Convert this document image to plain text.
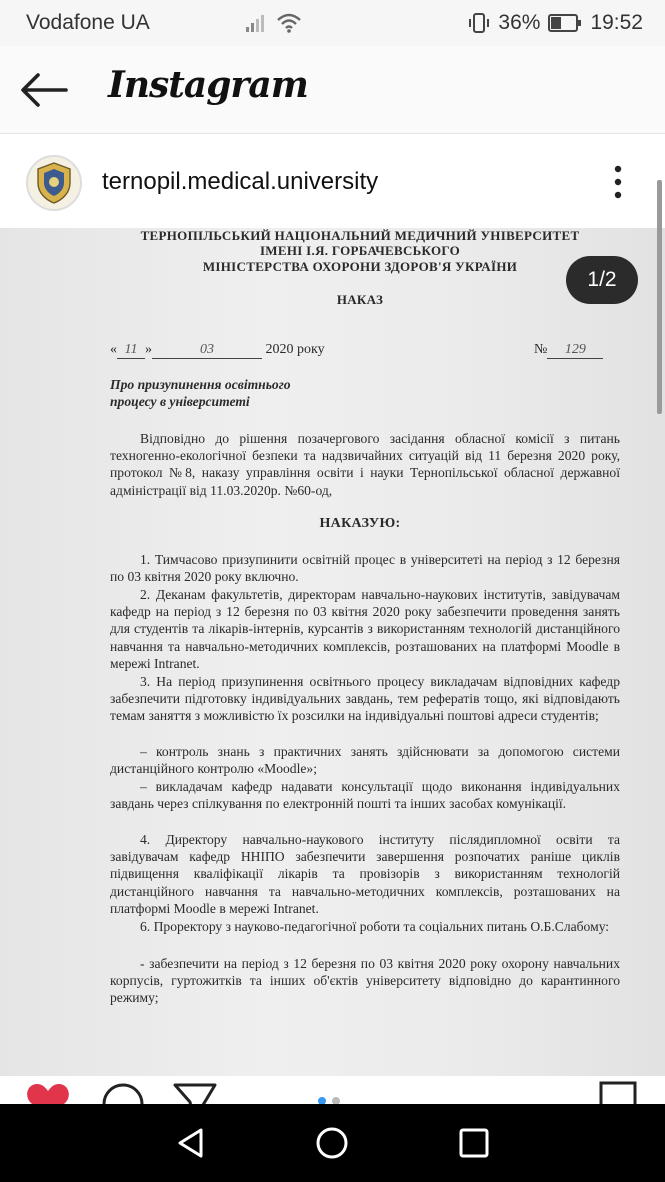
Vodafone UA	36% 19:52
Instagram
ternopil.medical.university
ТЕРНОПІЛЬСЬКИЙ НАЦІОНАЛЬНИЙ МЕДИЧНИЙ УНІВЕРСИТЕТ
ІМЕНІ І.Я. ГОРБАЧЕВСЬКОГО
МІНІСТЕРСТВА ОХОРОНИ ЗДОРОВ'Я УКРАЇНИ
НАКАЗ
« 11 »	03	2020 року	№ 129
Про призупинення освітнього
процесу в університеті
Відповідно до рішення позачергового засідання обласної комісії з питань техногенно-екологічної безпеки та надзвичайних ситуацій від 11 березня 2020 року, протокол №8, наказу управління освіти і науки Тернопільської обласної державної адміністрації від 11.03.2020р. №60-од,
НАКАЗУЮ:
1. Тимчасово призупинити освітній процес в університеті на період з 12 березня по 03 квітня 2020 року включно.
2. Деканам факультетів, директорам навчально-наукових інститутів, завідувачам кафедр на період з 12 березня по 03 квітня 2020 року забезпечити проведення занять для студентів та лікарів-інтернів, курсантів з використанням технологій дистанційного навчання та навчально-методичних комплексів, розташованих на платформі Moodle в мережі Intranet.
3. На період призупинення освітнього процесу викладачам відповідних кафедр забезпечити підготовку індивідуальних завдань, тем рефератів тощо, які відповідають темам заняття з можливістю їх розсилки на індивідуальні поштові адреси студентів;
– контроль знань з практичних занять здійснювати за допомогою системи дистанційного контролю «Moodle»;
– викладачам кафедр надавати консультації щодо виконання індивідуальних завдань через спілкування по електронній пошті та інших засобах комунікації.
4. Директору навчально-наукового інституту післядипломної освіти та завідувачам кафедр ННІПО забезпечити завершення розпочатих раніше циклів підвищення кваліфікації лікарів та провізорів з використанням технологій дистанційного навчання та навчально-методичних комплексів, розташованих на платформі Moodle в мережі Intranet.
6. Проректору з науково-педагогічної роботи та соціальних питань О.Б.Слабому:
- забезпечити на період з 12 березня по 03 квітня 2020 року охорону навчальних корпусів, гуртожитків та інших об'єктів університету відповідно до карантинного режиму;
1/2
